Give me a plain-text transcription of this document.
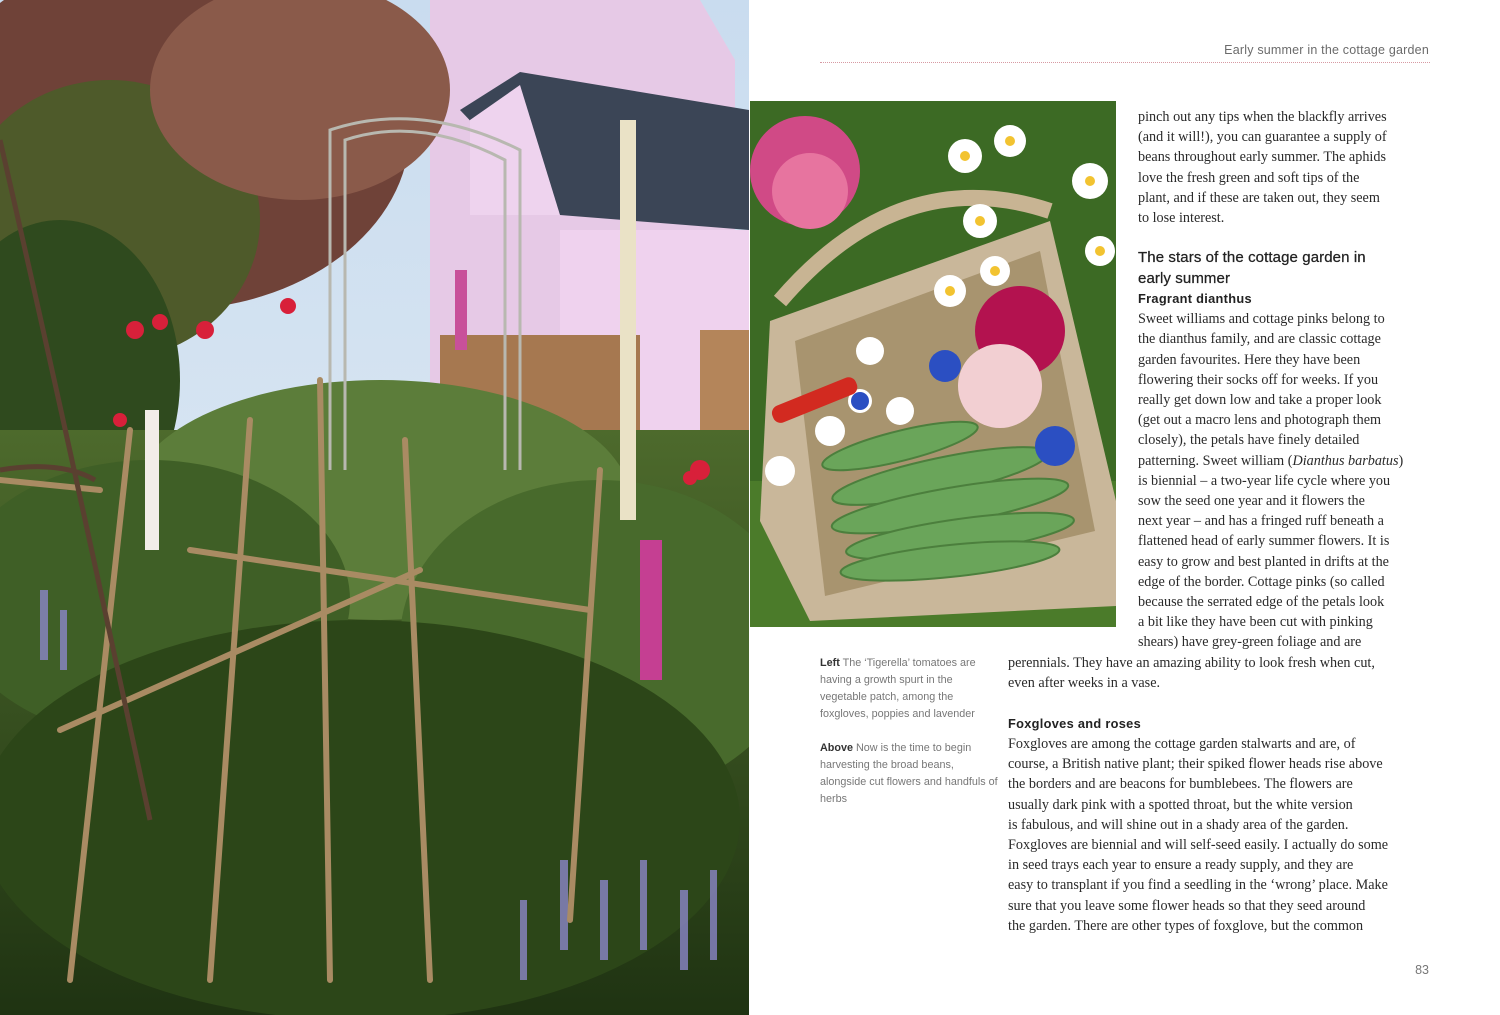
Early summer in the cottage garden

pinch out any tips when the blackfly arrives

(and it will!), you can guarantee a supply of

beans throughout early summer. The aphids

love the fresh green and soft tips of the

plant, and if these are taken out, they seem

to lose interest.

The stars of the cottage garden in
early summer
Fragrant dianthus

Sweet williams and cottage pinks belong to

the dianthus family, and are classic cottage

garden favourites. Here they have been

flowering their socks off for weeks. If you

really get down low and take a proper look

(get out a macro lens and photograph them

closely), the petals have finely detailed

patterning. Sweet william (Dianthus barbatus)

is biennial – a two-year life cycle where you

sow the seed one year and it flowers the

next year – and has a fringed ruff beneath a

flattened head of early summer flowers. It is

easy to grow and best planted in drifts at the

edge of the border. Cottage pinks (so called

because the serrated edge of the petals look

a bit like they have been cut with pinking

shears) have grey-green foliage and are

perennials. They have an amazing ability to look fresh when cut,

even after weeks in a vase.

Foxgloves and roses

Foxgloves are among the cottage garden stalwarts and are, of

course, a British native plant; their spiked flower heads rise above

the borders and are beacons for bumblebees. The flowers are

usually dark pink with a spotted throat, but the white version

is fabulous, and will shine out in a shady area of the garden.

Foxgloves are biennial and will self-seed easily. I actually do some

in seed trays each year to ensure a ready supply, and they are

easy to transplant if you find a seedling in the ‘wrong’ place. Make

sure that you leave some flower heads so that they seed around

the garden. There are other types of foxglove, but the common

Left The ‘Tigerella’ tomatoes are having a growth spurt in the vegetable patch, among the foxgloves, poppies and lavender

Above Now is the time to begin harvesting the broad beans, alongside cut flowers and handfuls of herbs

83
